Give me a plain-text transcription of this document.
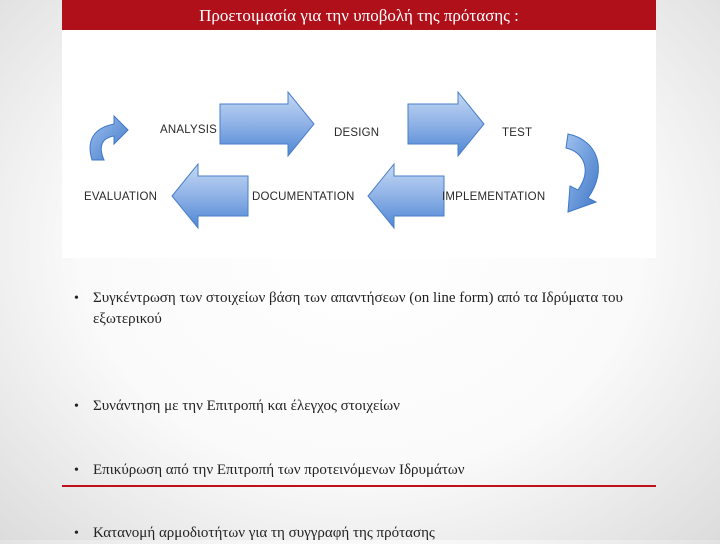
Προετοιμασία για την υποβολή της πρότασης :
ANALYSIS	DESIGN	TEST
EVALUATION	DOCUMENTATION	IMPLEMENTATION
• Συγκέντρωση των στοιχείων βάση των απαντήσεων (on line form) από τα Ιδρύματα του εξωτερικού
• Συνάντηση με την Επιτροπή και έλεγχος στοιχείων
• Επικύρωση από την Επιτροπή των προτεινόμενων Ιδρυμάτων
• Κατανομή αρμοδιοτήτων για τη συγγραφή της πρότασης
